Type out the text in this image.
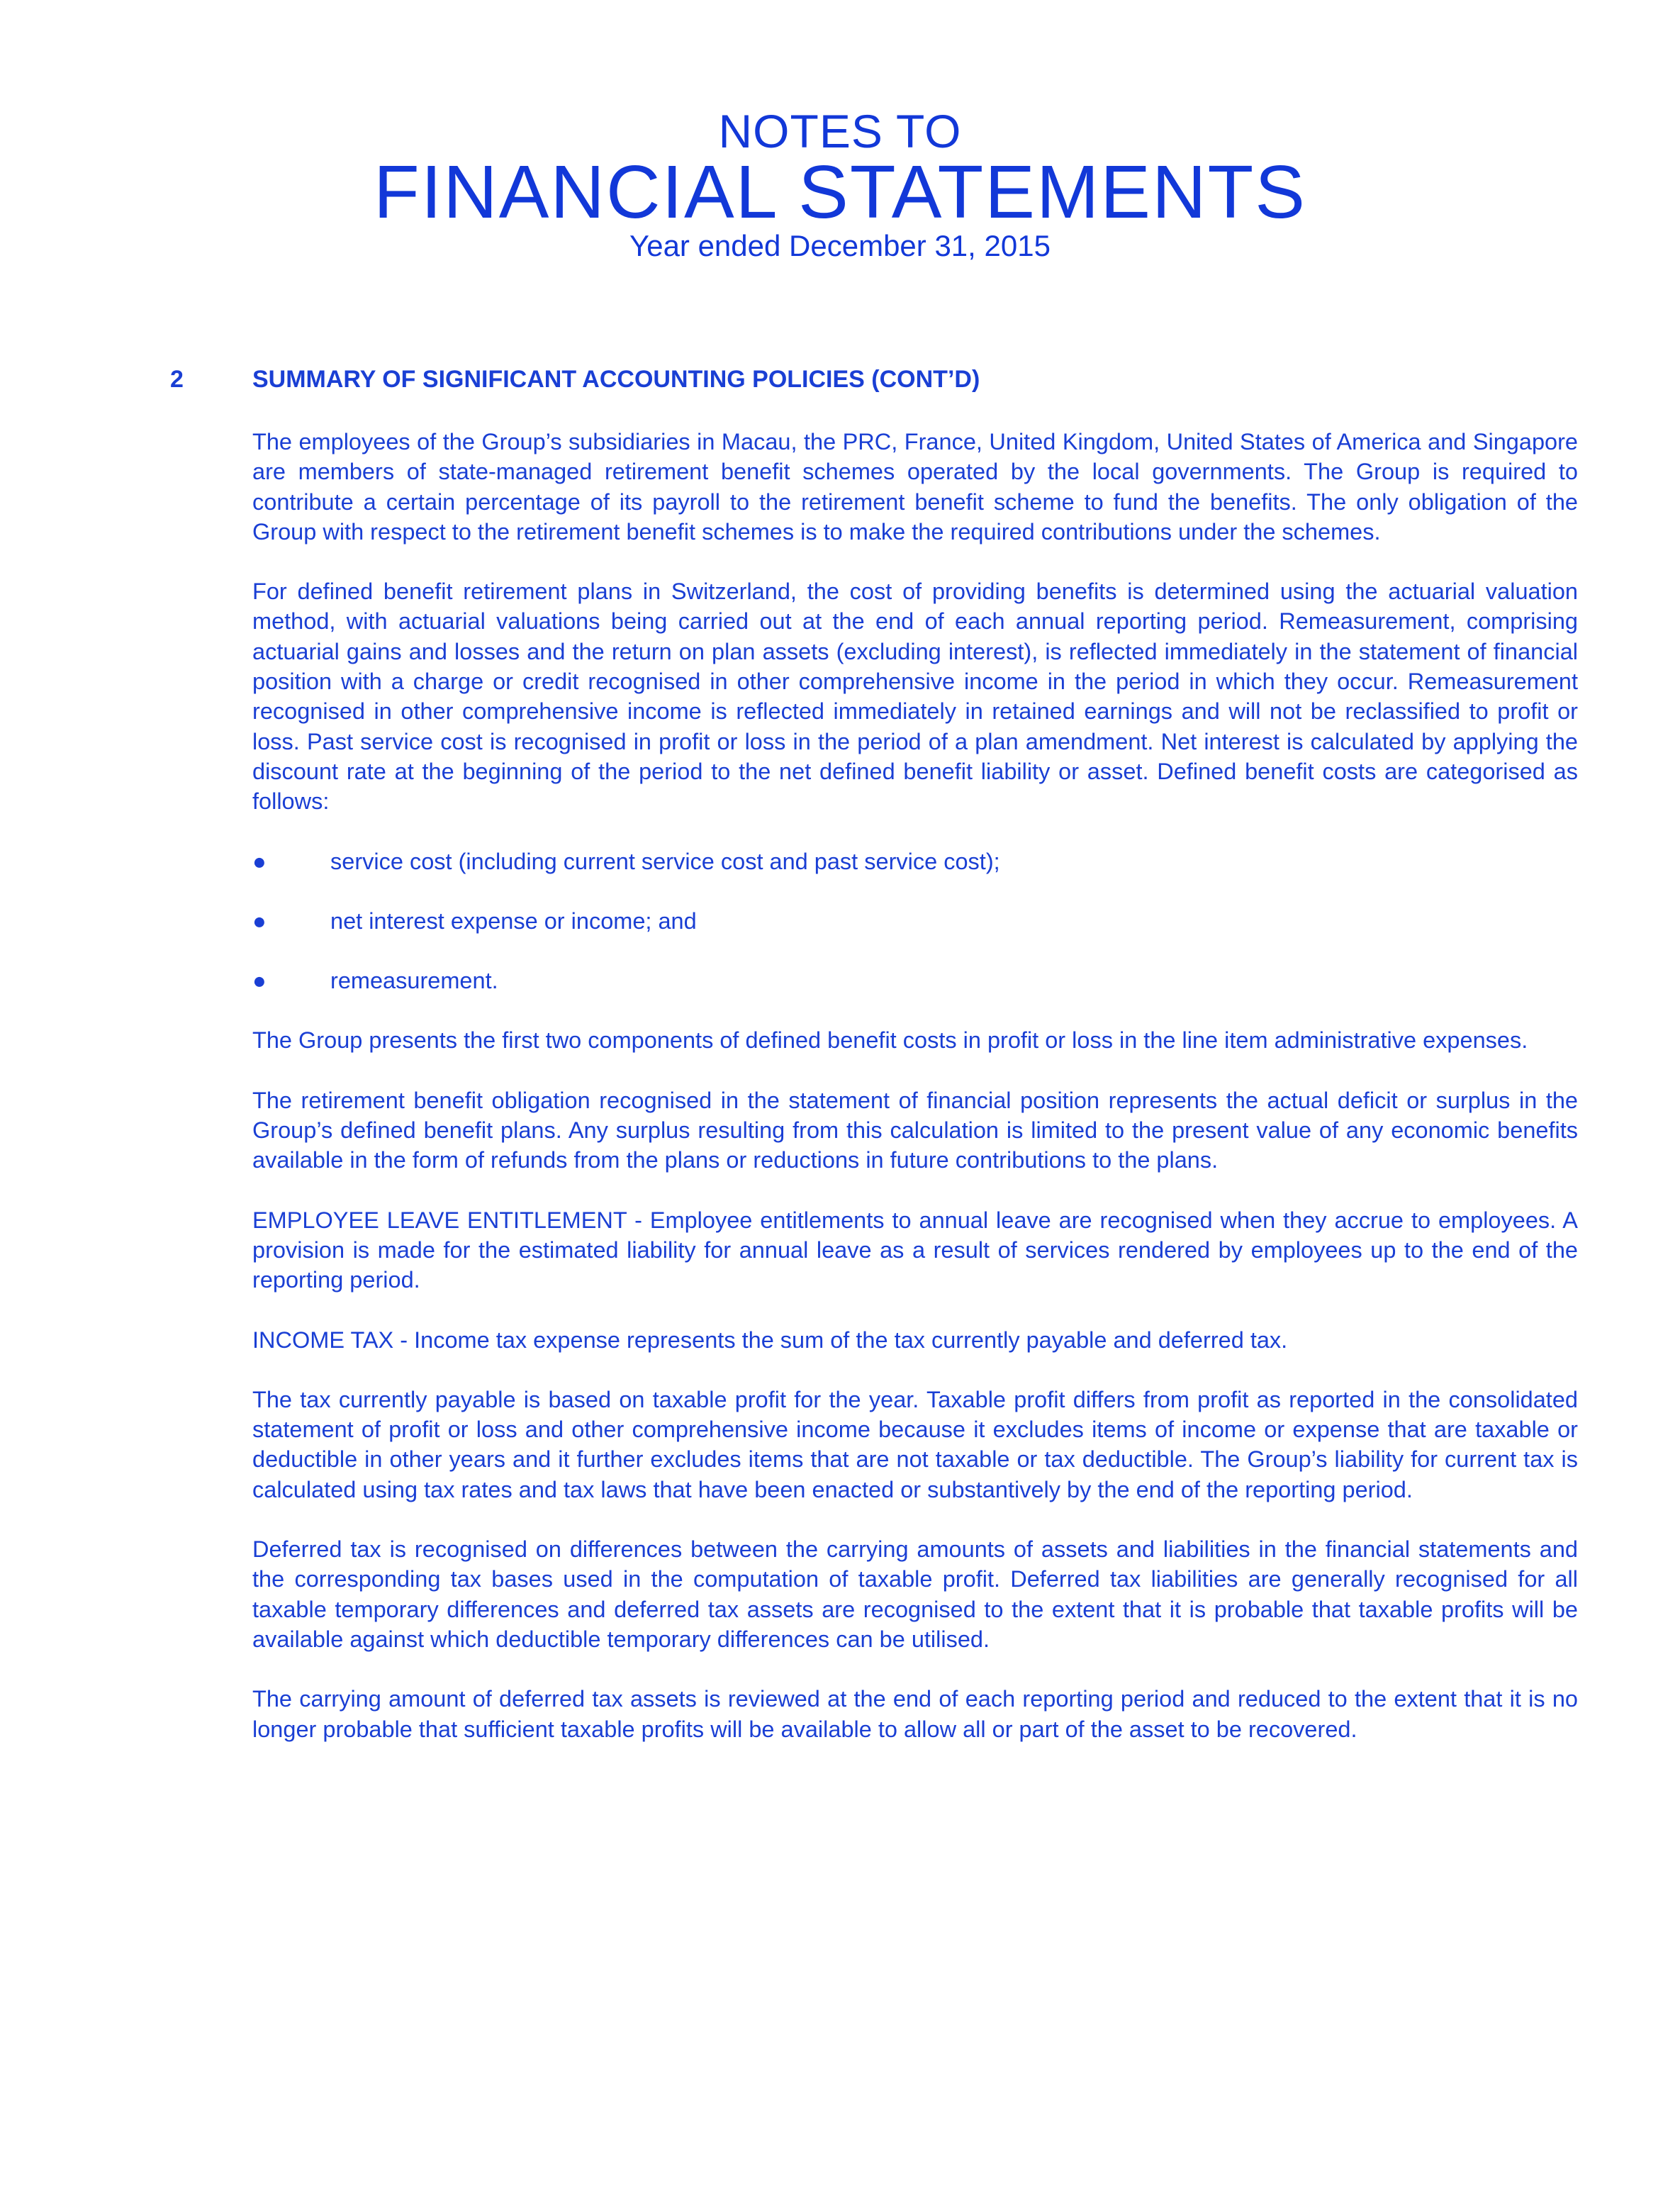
NOTES TO
FINANCIAL STATEMENTS
Year ended December 31, 2015
2	SUMMARY OF SIGNIFICANT ACCOUNTING POLICIES (CONT’D)

The employees of the Group’s subsidiaries in Macau, the PRC, France, United Kingdom, United States of America and Singapore are members of state-managed retirement benefit schemes operated by the local governments. The Group is required to contribute a certain percentage of its payroll to the retirement benefit scheme to fund the benefits. The only obligation of the Group with respect to the retirement benefit schemes is to make the required contributions under the schemes.

For defined benefit retirement plans in Switzerland, the cost of providing benefits is determined using the actuarial valuation method, with actuarial valuations being carried out at the end of each annual reporting period. Remeasurement, comprising actuarial gains and losses and the return on plan assets (excluding interest), is reflected immediately in the statement of financial position with a charge or credit recognised in other comprehensive income in the period in which they occur. Remeasurement recognised in other comprehensive income is reflected immediately in retained earnings and will not be reclassified to profit or loss. Past service cost is recognised in profit or loss in the period of a plan amendment. Net interest is calculated by applying the discount rate at the beginning of the period to the net defined benefit liability or asset. Defined benefit costs are categorised as follows:

●	service cost (including current service cost and past service cost);
●	net interest expense or income; and
●	remeasurement.

The Group presents the first two components of defined benefit costs in profit or loss in the line item administrative expenses.

The retirement benefit obligation recognised in the statement of financial position represents the actual deficit or surplus in the Group’s defined benefit plans. Any surplus resulting from this calculation is limited to the present value of any economic benefits available in the form of refunds from the plans or reductions in future contributions to the plans.

EMPLOYEE LEAVE ENTITLEMENT - Employee entitlements to annual leave are recognised when they accrue to employees. A provision is made for the estimated liability for annual leave as a result of services rendered by employees up to the end of the reporting period.

INCOME TAX - Income tax expense represents the sum of the tax currently payable and deferred tax.

The tax currently payable is based on taxable profit for the year. Taxable profit differs from profit as reported in the consolidated statement of profit or loss and other comprehensive income because it excludes items of income or expense that are taxable or deductible in other years and it further excludes items that are not taxable or tax deductible. The Group’s liability for current tax is calculated using tax rates and tax laws that have been enacted or substantively by the end of the reporting period.

Deferred tax is recognised on differences between the carrying amounts of assets and liabilities in the financial statements and the corresponding tax bases used in the computation of taxable profit. Deferred tax liabilities are generally recognised for all taxable temporary differences and deferred tax assets are recognised to the extent that it is probable that taxable profits will be available against which deductible temporary differences can be utilised.

The carrying amount of deferred tax assets is reviewed at the end of each reporting period and reduced to the extent that it is no longer probable that sufficient taxable profits will be available to allow all or part of the asset to be recovered.
